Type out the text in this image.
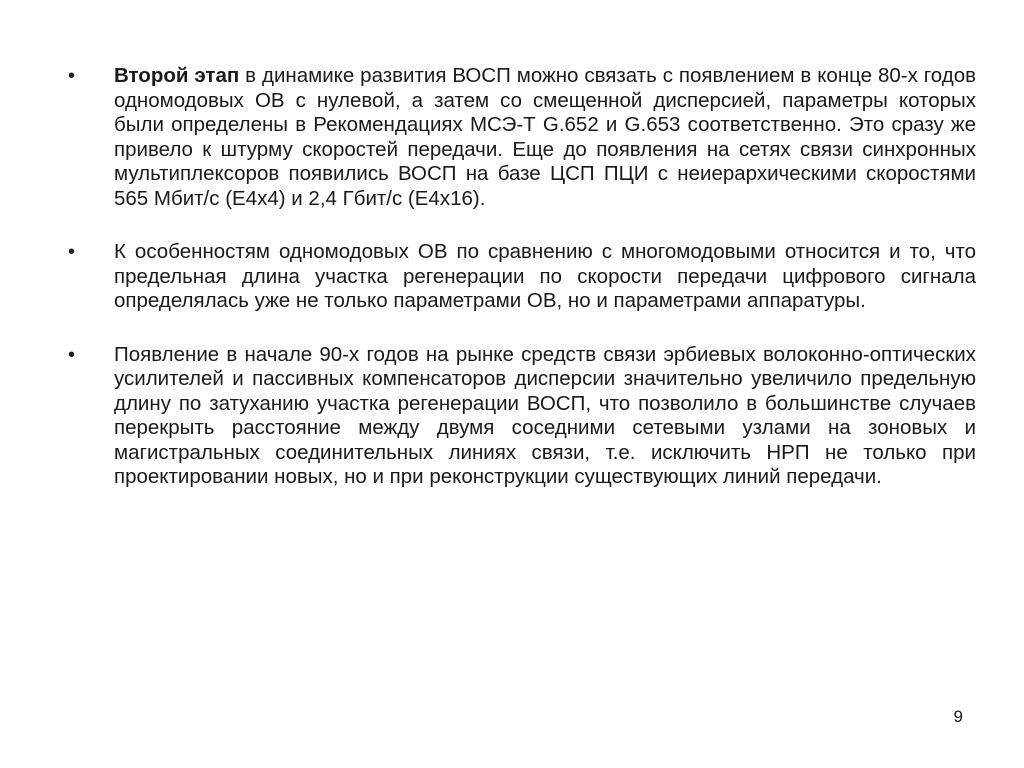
• Второй этап в динамике развития ВОСП можно связать с появлением в конце 80-х годов одномодовых ОВ с нулевой, а затем со смещенной дисперсией, параметры которых были определены в Рекомендациях МСЭ-Т G.652 и G.653 соответственно. Это сразу же привело к штурму скоростей передачи. Еще до появления на сетях связи синхронных мультиплексоров появились ВОСП на базе ЦСП ПЦИ с неиерархическими скоростями 565 Мбит/с (Е4х4) и 2,4 Гбит/с (Е4х16).
• К особенностям одномодовых ОВ по сравнению с многомодовыми относится и то, что предельная длина участка регенерации по скорости передачи цифрового сигнала определялась уже не только параметрами ОВ, но и параметрами аппаратуры.
• Появление в начале 90-х годов на рынке средств связи эрбиевых волоконно-оптических усилителей и пассивных компенсаторов дисперсии значительно увеличило предельную длину по затуханию участка регенерации ВОСП, что позволило в большинстве случаев перекрыть расстояние между двумя соседними сетевыми узлами на зоновых и магистральных соединительных линиях связи, т.е. исключить НРП не только при проектировании новых, но и при реконструкции существующих линий передачи.
9
